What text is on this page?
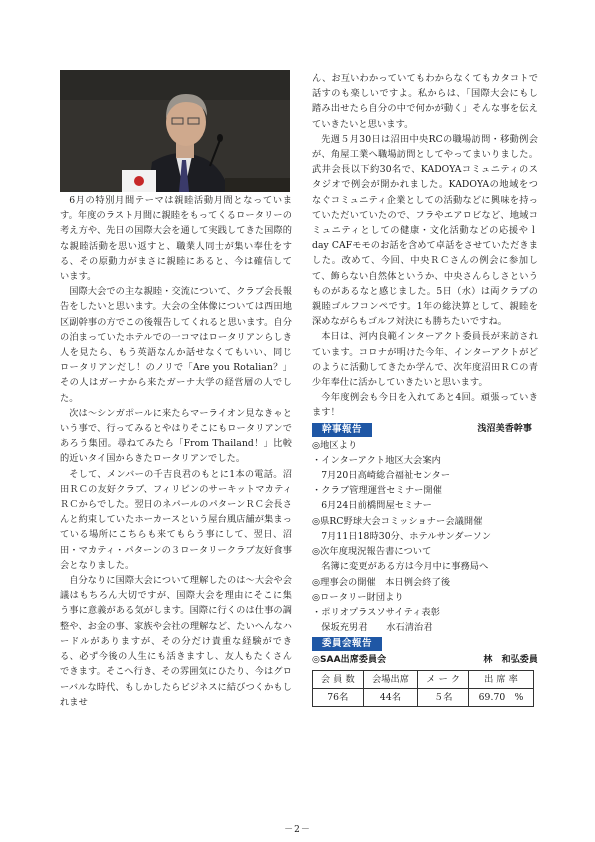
6月の特別月間テーマは親睦活動月間となっています。年度のラスト月間に親睦をもってくるロータリーの考え方や、先日の国際大会を通して実践してきた国際的な親睦活動を思い返すと、職業人同士が集い奉仕をする、その原動力がまさに親睦にあると、今は確信しています。

国際大会での主な親睦・交流について、クラブ会長報告をしたいと思います。大会の全体像については西田地区副幹事の方でこの後報告してくれると思います。自分の泊まっていたホテルでの一コマはロータリアンらしき人を見たら、もう英語なんか話せなくてもいい、同じロータリアンだし！のノリで「Are you Rotalian？」その人はガーナから来たガーナ大学の経営層の人でした。

次は～シンガポールに来たらマーライオン見なきゃという事で、行ってみるとやはりそこにもロータリアンであろう集団。尋ねてみたら「From Thailand！」比較的近いタイ国からきたロータリアンでした。

そして、メンバーの千吉良君のもとに1本の電話。沼田ＲＣの友好クラブ、フィリピンのサーキットマカティＲＣからでした。翌日のネパールのパターンＲＣ会長さんと約束していたホーカースという屋台風店舗が集まっている場所にこちらも来てもらう事にして、翌日、沼田・マカティ・パターンの３ロータリークラブ友好食事会となりました。

自分なりに国際大会について理解したのは～大会や会議はもちろん大切ですが、国際大会を理由にそこに集う事に意義がある気がします。国際に行くのは仕事の調整や、お金の事、家族や会社の理解など、たいへんなハードルがありますが、その分だけ貴重な経験ができる、必ず今後の人生にも活きますし、友人もたくさんできます。そこへ行き、その雰囲気にひたり、今はグローバルな時代、もしかしたらビジネスに結びつくかもしれませ

ん、お互いわかっていてもわからなくてもカタコトで話すのも楽しいですよ。私からは、「国際大会にもし踏み出せたら自分の中で何かが動く」そんな事を伝えていきたいと思います。

先週５月30日は沼田中央RCの職場訪問・移動例会が、角屋工業へ職場訪問としてやってまいりました。武井会長以下約30名で、KADOYAコミュニティのスタジオで例会が開かれました。KADOYAの地域をつなぐコミュニティ企業としての活動などに興味を持っていただいていたので、フラやエアロビなど、地域コミュニティとしての健康・文化活動などの応援やｌday CAFモモのお話を含めて卓話をさせていただきました。改めて、今回、中央ＲＣさんの例会に参加して、飾らない自然体というか、中央さんらしさというものがあるなと感じました。5日（水）は両クラブの親睦ゴルフコンペです。1年の総決算として、親睦を深めながらもゴルフ対決にも勝ちたいですね。

本日は、河内良範インターアクト委員長が来訪されています。コロナが明けた今年、インターアクトがどのように活動してきたか学んで、次年度沼田ＲＣの青少年奉仕に活かしていきたいと思います。

今年度例会も今日を入れてあと4回。頑張っていきます！

幹事報告	浅沼美香幹事
◎地区より
・インターアクト地区大会案内
7月20日高崎総合福祉センター
・クラブ管理運営セミナー開催
6月24日前橋問屋セミナー
◎県RC野球大会コミッショナー会議開催
7月11日18時30分、ホテルサンダーソン
◎次年度現況報告書について
名簿に変更がある方は今月中に事務局へ
◎理事会の開催　本日例会終了後
◎ロータリー財団より
・ポリオプラスソサイティ表彰
保坂充男君　　水石清治君
委員会報告
◎SAA出席委員会	林　和弘委員
会 員 数	会場出席	メ ー ク	出 席 率
76名	44名	５名	69.70　%
－2－
